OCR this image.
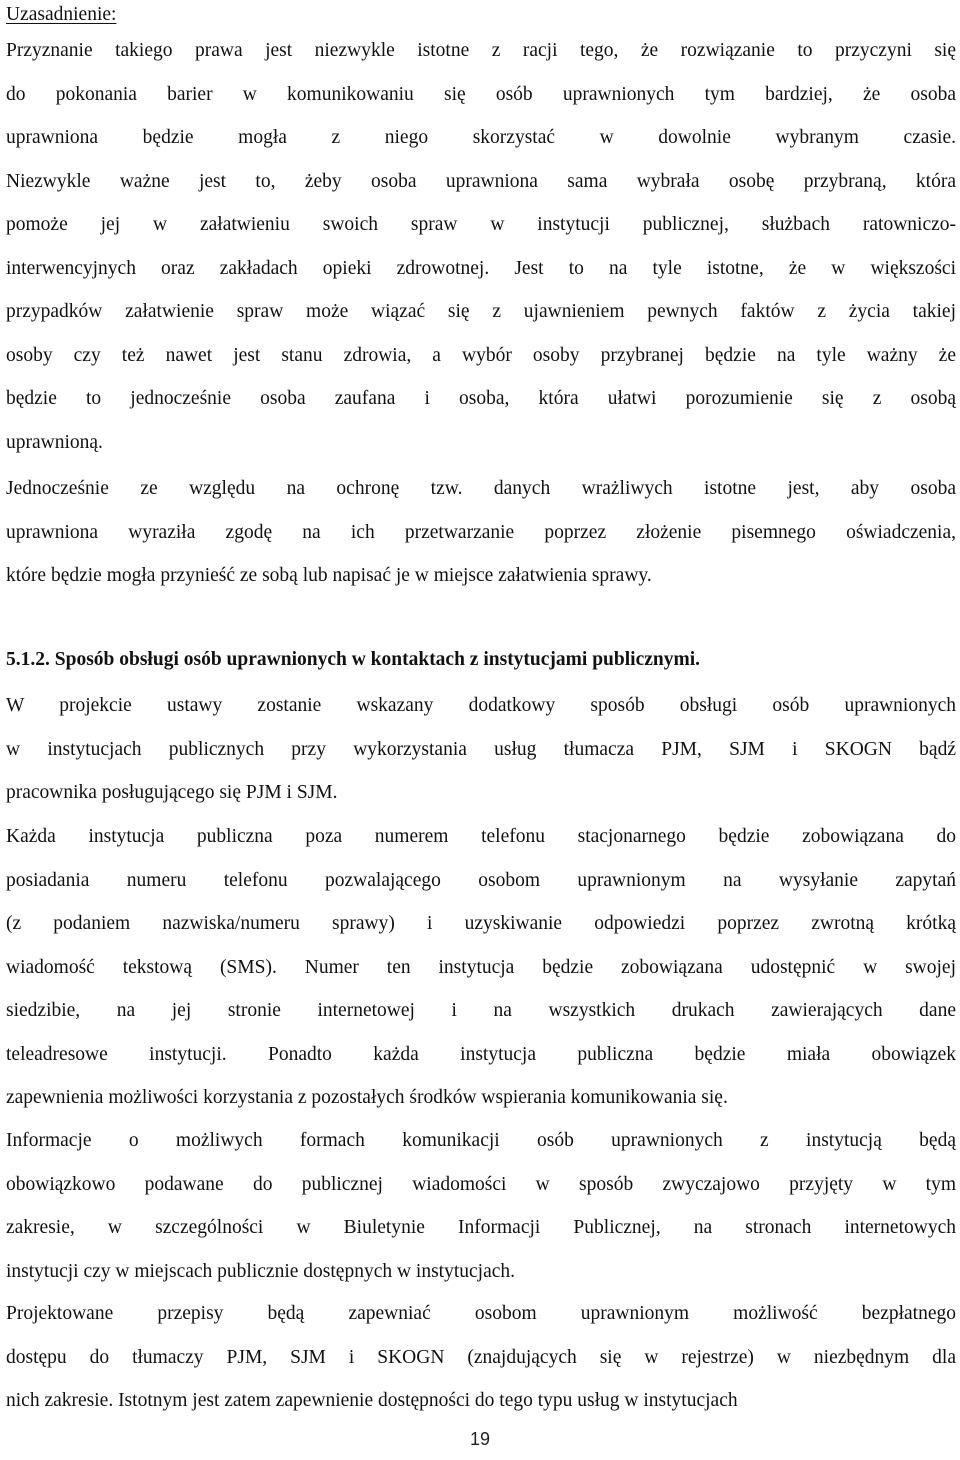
Uzasadnienie:
Przyznanie takiego prawa jest niezwykle istotne z racji tego, że rozwiązanie to przyczyni się
do pokonania barier w komunikowaniu się osób uprawnionych tym bardziej, że osoba
uprawniona będzie mogła z niego skorzystać w dowolnie wybranym czasie.
Niezwykle ważne jest to, żeby osoba uprawniona sama wybrała osobę przybraną, która
pomoże jej w załatwieniu swoich spraw w instytucji publicznej, służbach ratowniczo-
interwencyjnych oraz zakładach opieki zdrowotnej. Jest to na tyle istotne, że w większości
przypadków załatwienie spraw może wiązać się z ujawnieniem pewnych faktów z życia takiej
osoby czy też nawet jest stanu zdrowia, a wybór osoby przybranej będzie na tyle ważny że
będzie to jednocześnie osoba zaufana i osoba, która ułatwi porozumienie się z osobą
uprawnioną.
Jednocześnie ze względu na ochronę tzw. danych wrażliwych istotne jest, aby osoba
uprawniona wyraziła zgodę na ich przetwarzanie poprzez złożenie pisemnego oświadczenia,
które będzie mogła przynieść ze sobą lub napisać je w miejsce załatwienia sprawy.
5.1.2. Sposób obsługi osób uprawnionych w kontaktach z instytucjami publicznymi.
W projekcie ustawy zostanie wskazany dodatkowy sposób obsługi osób uprawnionych
w instytucjach publicznych przy wykorzystania usług tłumacza PJM, SJM i SKOGN bądź
pracownika posługującego się PJM i SJM.
Każda instytucja publiczna poza numerem telefonu stacjonarnego będzie zobowiązana do
posiadania numeru telefonu pozwalającego osobom uprawnionym na wysyłanie zapytań
(z podaniem nazwiska/numeru sprawy) i uzyskiwanie odpowiedzi poprzez zwrotną krótką
wiadomość tekstową (SMS). Numer ten instytucja będzie zobowiązana udostępnić w swojej
siedzibie, na jej stronie internetowej i na wszystkich drukach zawierających dane
teleadresowe instytucji. Ponadto każda instytucja publiczna będzie miała obowiązek
zapewnienia możliwości korzystania z pozostałych środków wspierania komunikowania się.
Informacje o możliwych formach komunikacji osób uprawnionych z instytucją będą
obowiązkowo podawane do publicznej wiadomości w sposób zwyczajowo przyjęty w tym
zakresie, w szczególności w Biuletynie Informacji Publicznej, na stronach internetowych
instytucji czy w miejscach publicznie dostępnych w instytucjach.
Projektowane przepisy będą zapewniać osobom uprawnionym możliwość bezpłatnego
dostępu do tłumaczy PJM, SJM i SKOGN (znajdujących się w rejestrze) w niezbędnym dla
nich zakresie. Istotnym jest zatem zapewnienie dostępności do tego typu usług w instytucjach
19
